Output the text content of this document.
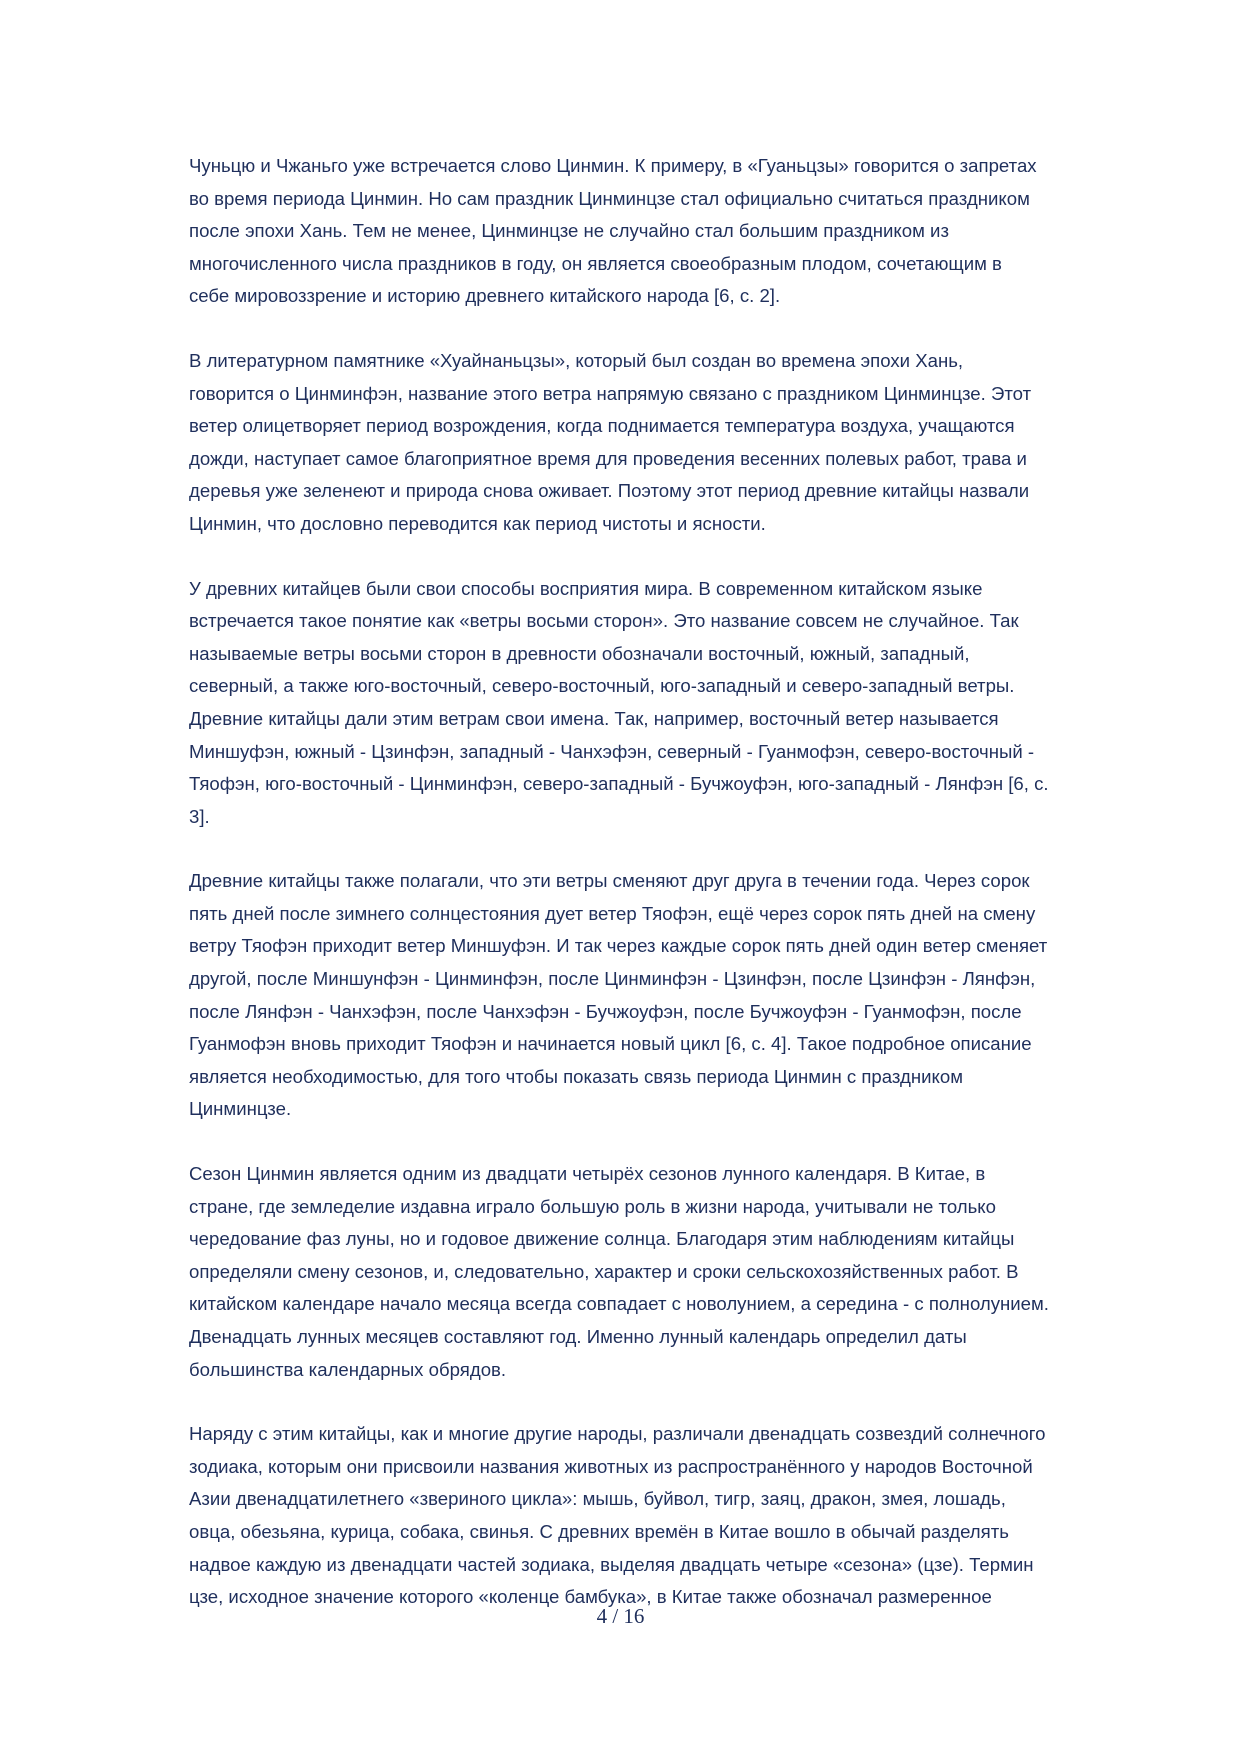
Чуньцю и Чжаньго уже встречается слово Цинмин. К примеру, в «Гуаньцзы» говорится о запретах
во время периода Цинмин. Но сам праздник Цинминцзе стал официально считаться праздником
после эпохи Хань. Тем не менее, Цинминцзе не случайно стал большим праздником из
многочисленного числа праздников в году, он является своеобразным плодом, сочетающим в
себе мировоззрение и историю древнего китайского народа [6, с. 2].

В литературном памятнике «Хуайнаньцзы», который был создан во времена эпохи Хань,
говорится о Цинминфэн, название этого ветра напрямую связано с праздником Цинминцзе. Этот
ветер олицетворяет период возрождения, когда поднимается температура воздуха, учащаются
дожди, наступает самое благоприятное время для проведения весенних полевых работ, трава и
деревья уже зеленеют и природа снова оживает. Поэтому этот период древние китайцы назвали
Цинмин, что дословно переводится как период чистоты и ясности.

У древних китайцев были свои способы восприятия мира. В современном китайском языке
встречается такое понятие как «ветры восьми сторон». Это название совсем не случайное. Так
называемые ветры восьми сторон в древности обозначали восточный, южный, западный,
северный, а также юго-восточный, северо-восточный, юго-западный и северо-западный ветры.
Древние китайцы дали этим ветрам свои имена. Так, например, восточный ветер называется
Миншуфэн, южный - Цзинфэн, западный - Чанхэфэн, северный - Гуанмофэн, северо-восточный -
Тяофэн, юго-восточный - Цинминфэн, северо-западный - Бучжоуфэн, юго-западный - Лянфэн [6, с.
3].

Древние китайцы также полагали, что эти ветры сменяют друг друга в течении года. Через сорок
пять дней после зимнего солнцестояния дует ветер Тяофэн, ещё через сорок пять дней на смену
ветру Тяофэн приходит ветер Миншуфэн. И так через каждые сорок пять дней один ветер сменяет
другой, после Миншунфэн - Цинминфэн, после Цинминфэн - Цзинфэн, после Цзинфэн - Лянфэн,
после Лянфэн - Чанхэфэн, после Чанхэфэн - Бучжоуфэн, после Бучжоуфэн - Гуанмофэн, после
Гуанмофэн вновь приходит Тяофэн и начинается новый цикл [6, с. 4]. Такое подробное описание
является необходимостью, для того чтобы показать связь периода Цинмин с праздником
Цинминцзе.

Сезон Цинмин является одним из двадцати четырёх сезонов лунного календаря. В Китае, в
стране, где земледелие издавна играло большую роль в жизни народа, учитывали не только
чередование фаз луны, но и годовое движение солнца. Благодаря этим наблюдениям китайцы
определяли смену сезонов, и, следовательно, характер и сроки сельскохозяйственных работ. В
китайском календаре начало месяца всегда совпадает с новолунием, а середина - с полнолунием.
Двенадцать лунных месяцев составляют год. Именно лунный календарь определил даты
большинства календарных обрядов.

Наряду с этим китайцы, как и многие другие народы, различали двенадцать созвездий солнечного
зодиака, которым они присвоили названия животных из распространённого у народов Восточной
Азии двенадцатилетнего «звериного цикла»: мышь, буйвол, тигр, заяц, дракон, змея, лошадь,
овца, обезьяна, курица, собака, свинья. С древних времён в Китае вошло в обычай разделять
надвое каждую из двенадцати частей зодиака, выделяя двадцать четыре «сезона» (цзе). Термин
цзе, исходное значение которого «коленце бамбука», в Китае также обозначал размеренное

4 / 16
